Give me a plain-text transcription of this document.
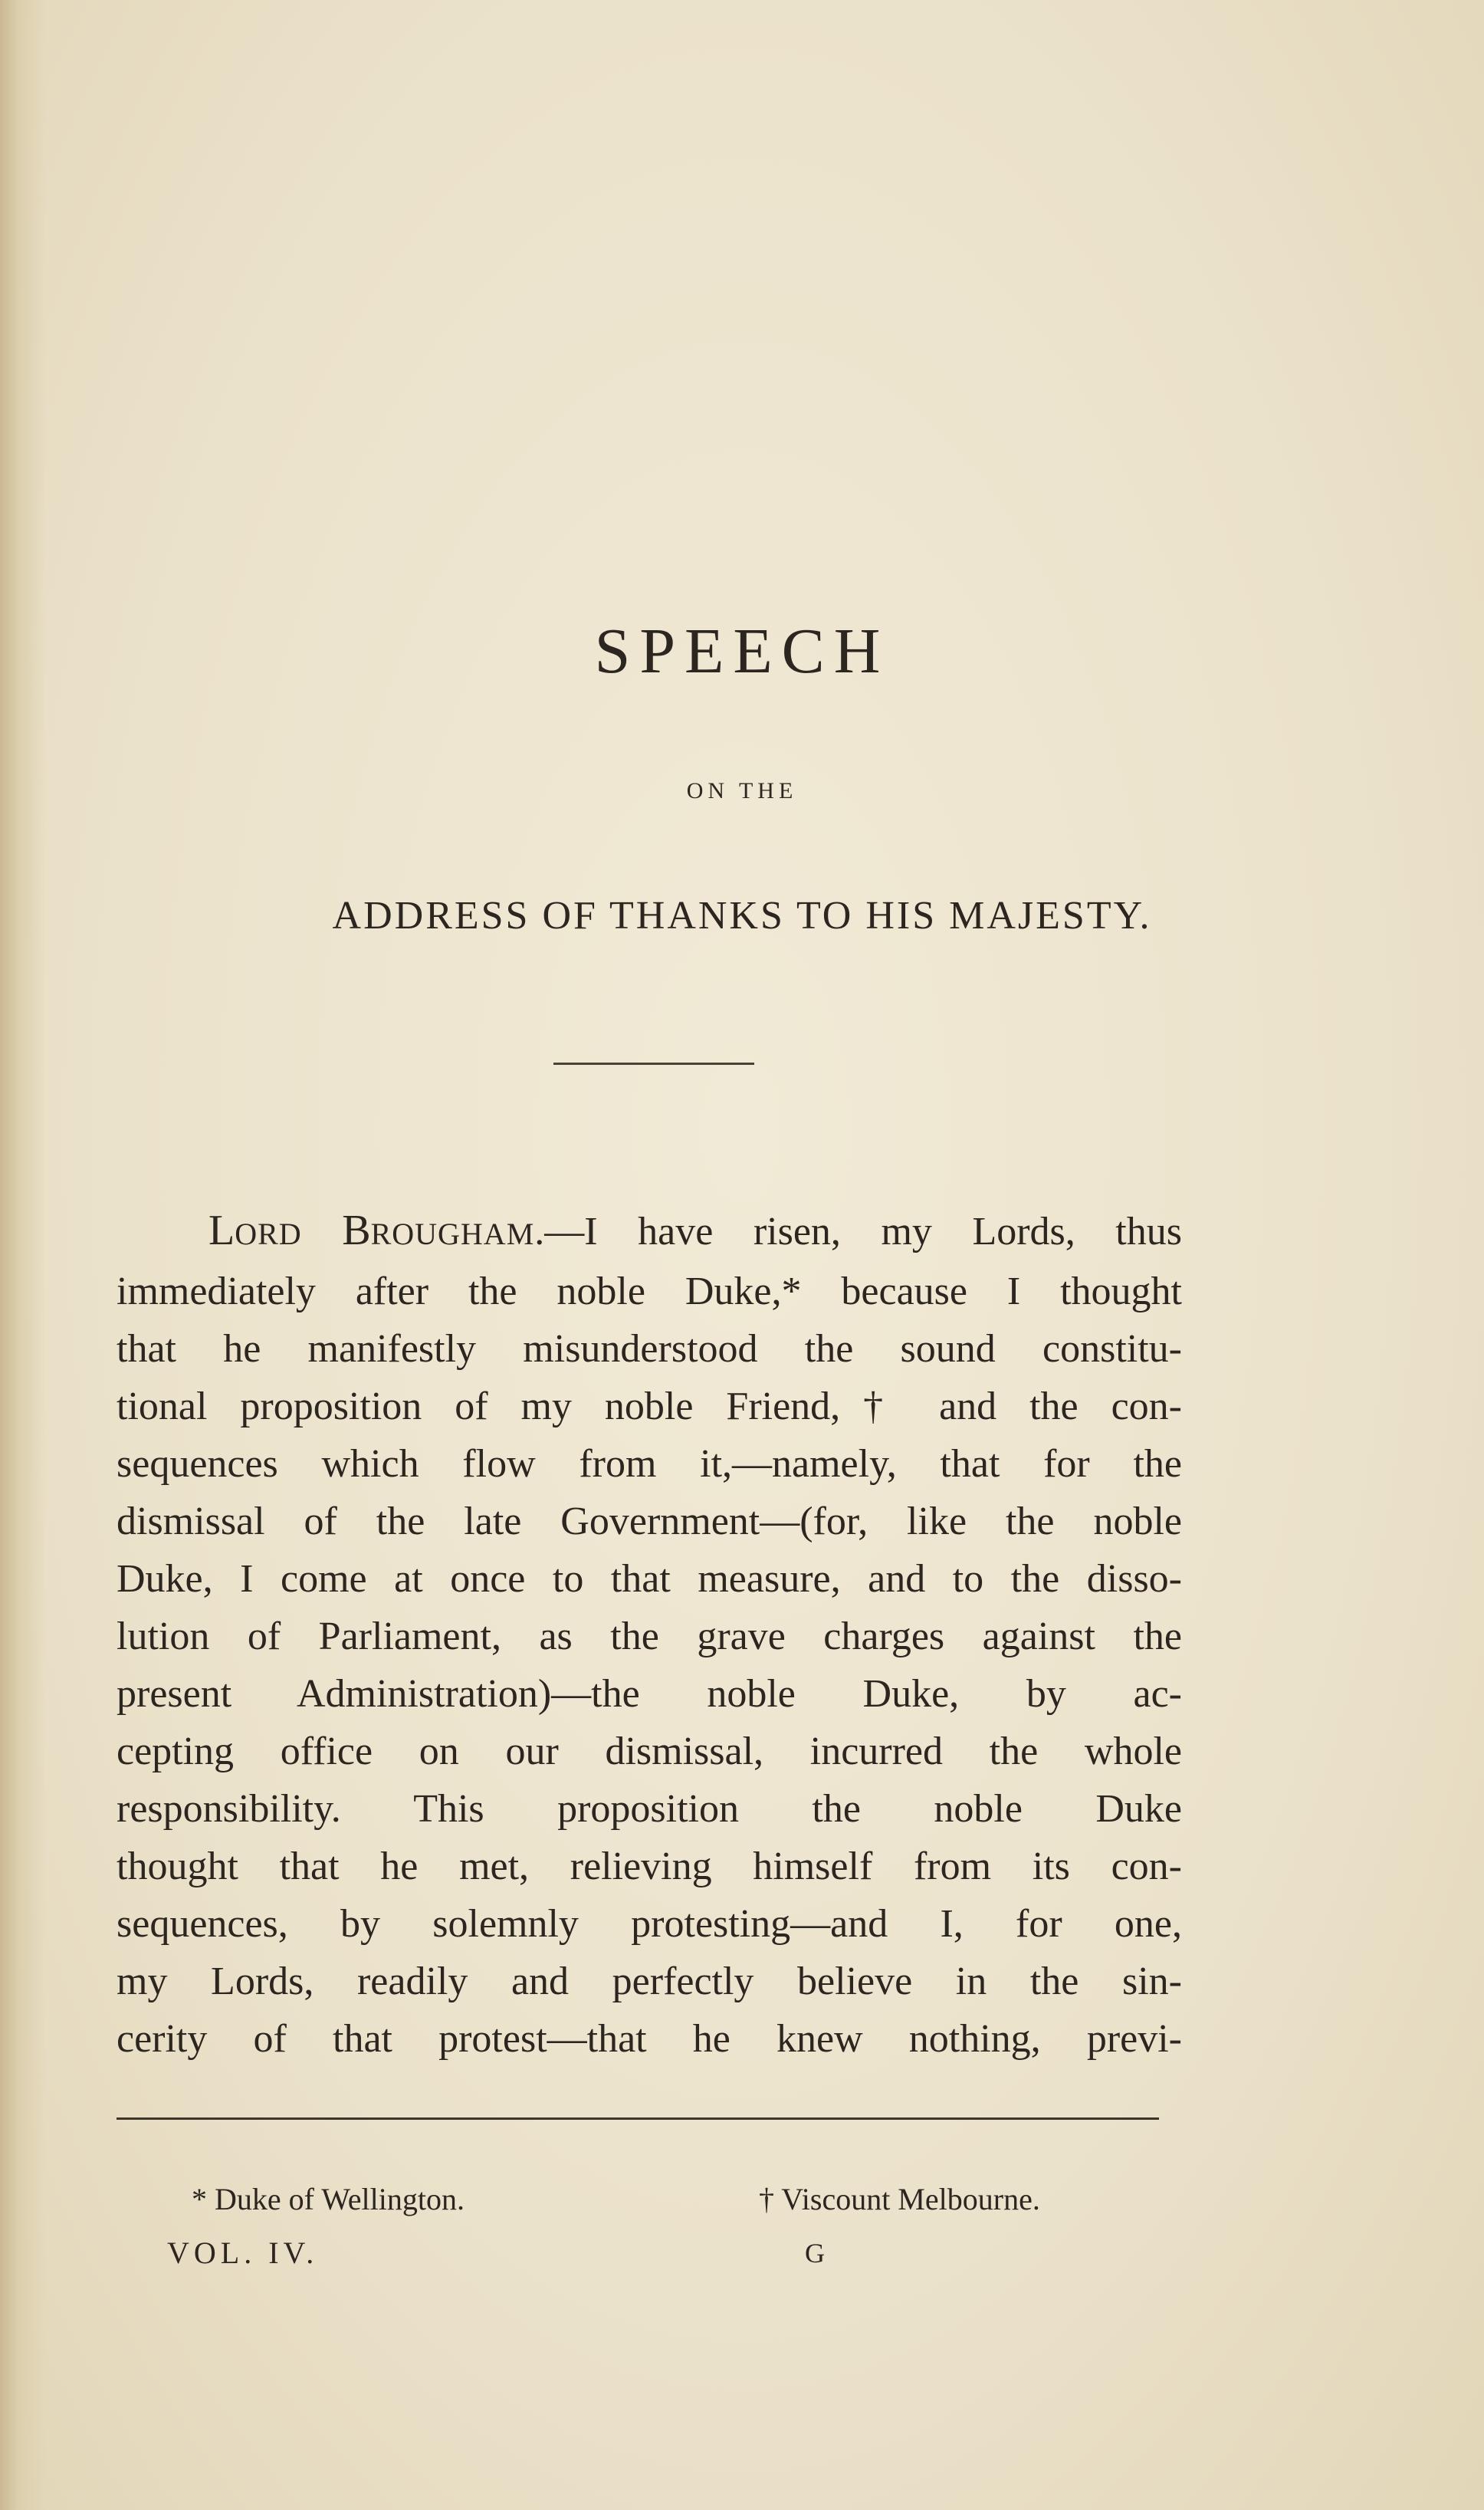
SPEECH
ON THE
ADDRESS OF THANKS TO HIS MAJESTY.
LORD BROUGHAM.—I have risen, my Lords, thus
immediately after the noble Duke,* because I thought
that he manifestly misunderstood the sound constitu-
tional proposition of my noble Friend,† and the con-
sequences which flow from it,—namely, that for the
dismissal of the late Government—(for, like the noble
Duke, I come at once to that measure, and to the disso-
lution of Parliament, as the grave charges against the
present Administration)—the noble Duke, by ac-
cepting office on our dismissal, incurred the whole
responsibility. This proposition the noble Duke
thought that he met, relieving himself from its con-
sequences, by solemnly protesting—and I, for one,
my Lords, readily and perfectly believe in the sin-
cerity of that protest—that he knew nothing, previ-
* Duke of Wellington.	† Viscount Melbourne.
VOL. IV.	G
